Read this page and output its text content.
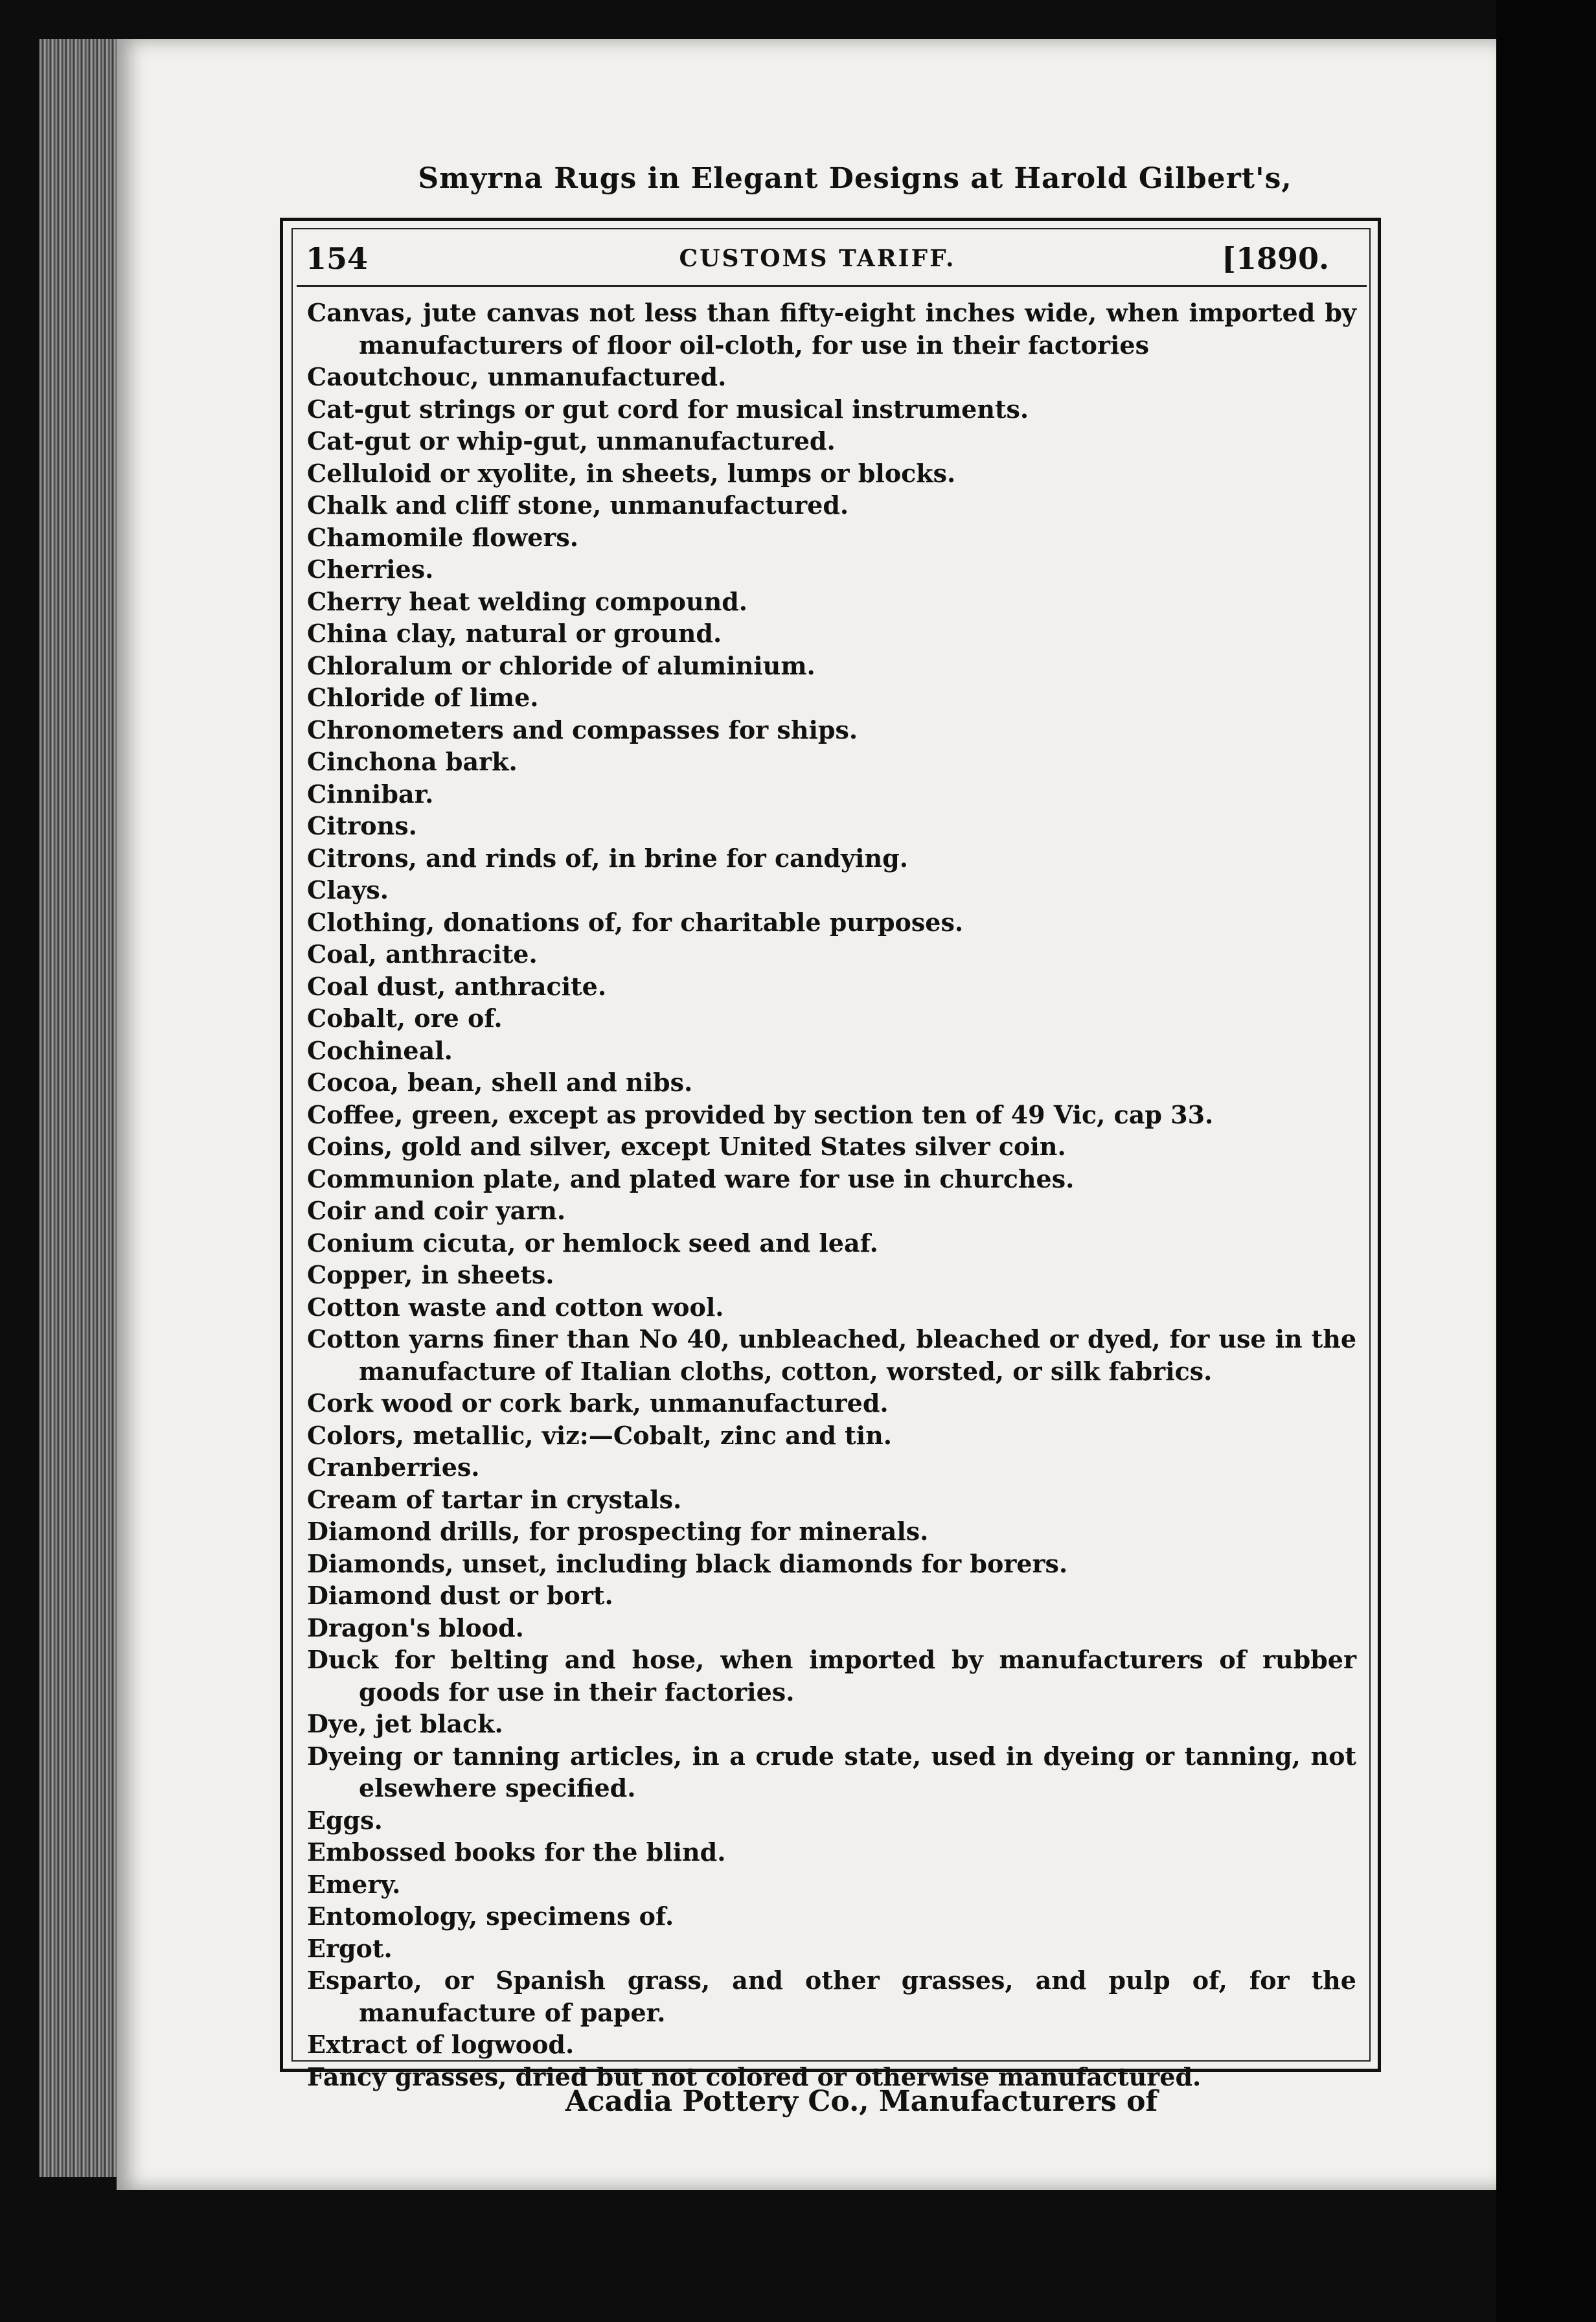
Smyrna Rugs in Elegant Designs at Harold Gilbert's,
154	CUSTOMS TARIFF.	[1890.
Canvas, jute canvas not less than fifty-eight inches wide, when imported by manufacturers of floor oil-cloth, for use in their factories
Caoutchouc, unmanufactured.
Cat-gut strings or gut cord for musical instruments.
Cat-gut or whip-gut, unmanufactured.
Celluloid or xyolite, in sheets, lumps or blocks.
Chalk and cliff stone, unmanufactured.
Chamomile flowers.
Cherries.
Cherry heat welding compound.
China clay, natural or ground.
Chloralum or chloride of aluminium.
Chloride of lime.
Chronometers and compasses for ships.
Cinchona bark.
Cinnibar.
Citrons.
Citrons, and rinds of, in brine for candying.
Clays.
Clothing, donations of, for charitable purposes.
Coal, anthracite.
Coal dust, anthracite.
Cobalt, ore of.
Cochineal.
Cocoa, bean, shell and nibs.
Coffee, green, except as provided by section ten of 49 Vic, cap 33.
Coins, gold and silver, except United States silver coin.
Communion plate, and plated ware for use in churches.
Coir and coir yarn.
Conium cicuta, or hemlock seed and leaf.
Copper, in sheets.
Cotton waste and cotton wool.
Cotton yarns finer than No 40, unbleached, bleached or dyed, for use in the manufacture of Italian cloths, cotton, worsted, or silk fabrics.
Cork wood or cork bark, unmanufactured.
Colors, metallic, viz:—Cobalt, zinc and tin.
Cranberries.
Cream of tartar in crystals.
Diamond drills, for prospecting for minerals.
Diamonds, unset, including black diamonds for borers.
Diamond dust or bort.
Dragon's blood.
Duck for belting and hose, when imported by manufacturers of rubber goods for use in their factories.
Dye, jet black.
Dyeing or tanning articles, in a crude state, used in dyeing or tanning, not elsewhere specified.
Eggs.
Embossed books for the blind.
Emery.
Entomology, specimens of.
Ergot.
Esparto, or Spanish grass, and other grasses, and pulp of, for the manufacture of paper.
Extract of logwood.
Fancy grasses, dried but not colored or otherwise manufactured.
Acadia Pottery Co., Manufacturers of
